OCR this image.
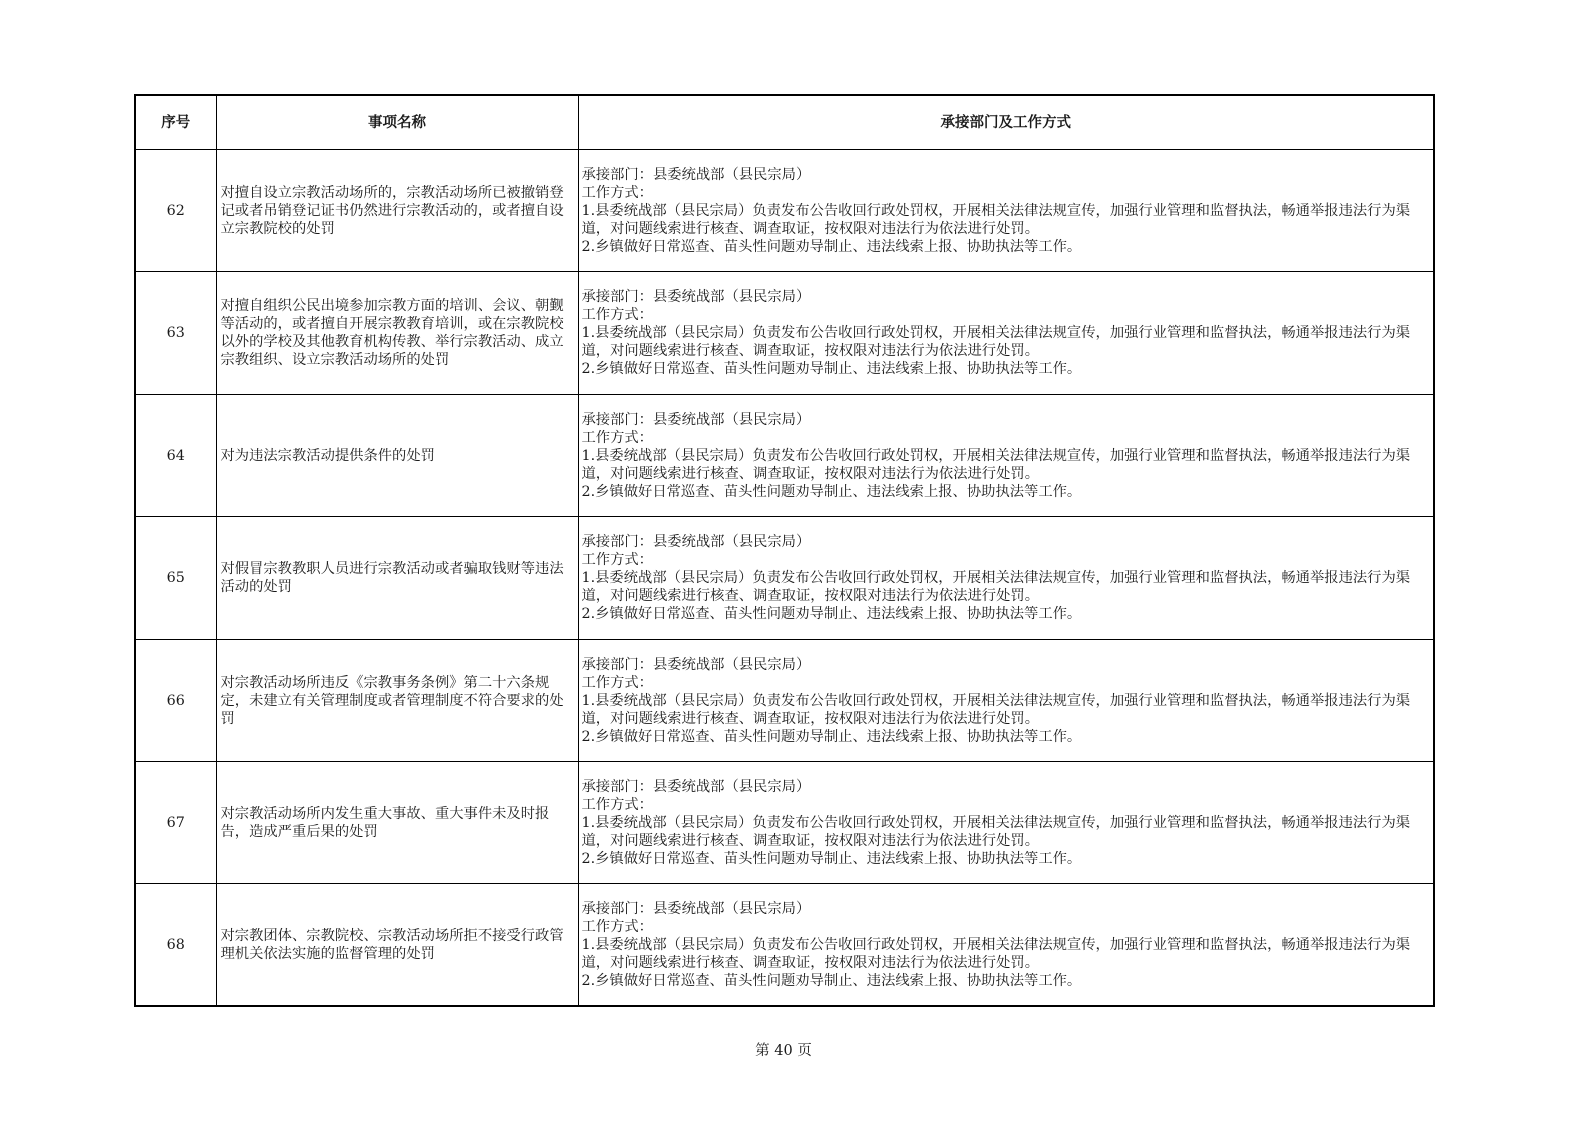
序号	事项名称	承接部门及工作方式
62	对擅自设立宗教活动场所的，宗教活动场所已被撤销登记或者吊销登记证书仍然进行宗教活动的，或者擅自设立宗教院校的处罚	承接部门：县委统战部（县民宗局）
工作方式：
1.县委统战部（县民宗局）负责发布公告收回行政处罚权，开展相关法律法规宣传，加强行业管理和监督执法，畅通举报违法行为渠道，对问题线索进行核查、调查取证，按权限对违法行为依法进行处罚。
2.乡镇做好日常巡查、苗头性问题劝导制止、违法线索上报、协助执法等工作。

63	对擅自组织公民出境参加宗教方面的培训、会议、朝觐等活动的，或者擅自开展宗教教育培训，或在宗教院校以外的学校及其他教育机构传教、举行宗教活动、成立宗教组织、设立宗教活动场所的处罚	承接部门：县委统战部（县民宗局）
工作方式：
1.县委统战部（县民宗局）负责发布公告收回行政处罚权，开展相关法律法规宣传，加强行业管理和监督执法，畅通举报违法行为渠道，对问题线索进行核查、调查取证，按权限对违法行为依法进行处罚。
2.乡镇做好日常巡查、苗头性问题劝导制止、违法线索上报、协助执法等工作。

64	对为违法宗教活动提供条件的处罚	承接部门：县委统战部（县民宗局）
工作方式：
1.县委统战部（县民宗局）负责发布公告收回行政处罚权，开展相关法律法规宣传，加强行业管理和监督执法，畅通举报违法行为渠道，对问题线索进行核查、调查取证，按权限对违法行为依法进行处罚。
2.乡镇做好日常巡查、苗头性问题劝导制止、违法线索上报、协助执法等工作。

65	对假冒宗教教职人员进行宗教活动或者骗取钱财等违法活动的处罚	承接部门：县委统战部（县民宗局）
工作方式：
1.县委统战部（县民宗局）负责发布公告收回行政处罚权，开展相关法律法规宣传，加强行业管理和监督执法，畅通举报违法行为渠道，对问题线索进行核查、调查取证，按权限对违法行为依法进行处罚。
2.乡镇做好日常巡查、苗头性问题劝导制止、违法线索上报、协助执法等工作。

66	对宗教活动场所违反《宗教事务条例》第二十六条规定，未建立有关管理制度或者管理制度不符合要求的处罚	承接部门：县委统战部（县民宗局）
工作方式：
1.县委统战部（县民宗局）负责发布公告收回行政处罚权，开展相关法律法规宣传，加强行业管理和监督执法，畅通举报违法行为渠道，对问题线索进行核查、调查取证，按权限对违法行为依法进行处罚。
2.乡镇做好日常巡查、苗头性问题劝导制止、违法线索上报、协助执法等工作。

67	对宗教活动场所内发生重大事故、重大事件未及时报告，造成严重后果的处罚	承接部门：县委统战部（县民宗局）
工作方式：
1.县委统战部（县民宗局）负责发布公告收回行政处罚权，开展相关法律法规宣传，加强行业管理和监督执法，畅通举报违法行为渠道，对问题线索进行核查、调查取证，按权限对违法行为依法进行处罚。
2.乡镇做好日常巡查、苗头性问题劝导制止、违法线索上报、协助执法等工作。

68	对宗教团体、宗教院校、宗教活动场所拒不接受行政管理机关依法实施的监督管理的处罚	承接部门：县委统战部（县民宗局）
工作方式：
1.县委统战部（县民宗局）负责发布公告收回行政处罚权，开展相关法律法规宣传，加强行业管理和监督执法，畅通举报违法行为渠道，对问题线索进行核查、调查取证，按权限对违法行为依法进行处罚。
2.乡镇做好日常巡查、苗头性问题劝导制止、违法线索上报、协助执法等工作。
第 40 页
